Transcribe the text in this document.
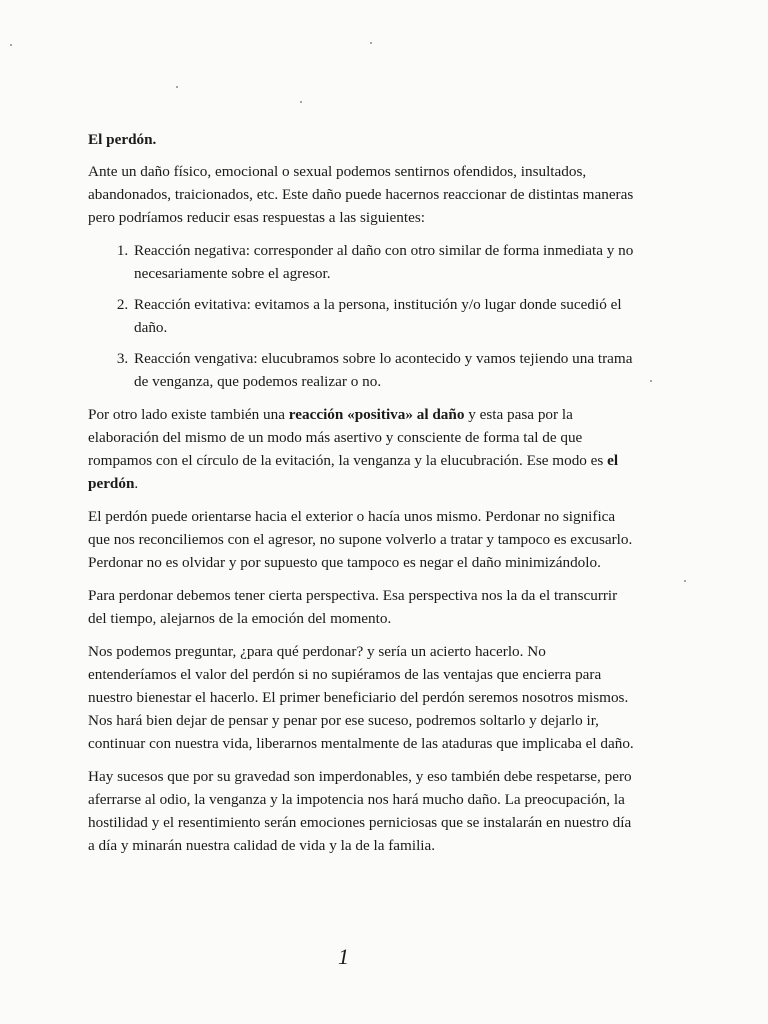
El perdón.

Ante un daño físico, emocional o sexual podemos sentirnos ofendidos, insultados, abandonados, traicionados, etc. Este daño puede hacernos reaccionar de distintas maneras pero podríamos reducir esas respuestas a las siguientes:

1. Reacción negativa: corresponder al daño con otro similar de forma inmediata y no necesariamente sobre el agresor.
2. Reacción evitativa: evitamos a la persona, institución y/o lugar donde sucedió el daño.
3. Reacción vengativa: elucubramos sobre lo acontecido y vamos tejiendo una trama de venganza, que podemos realizar o no.

Por otro lado existe también una reacción «positiva» al daño y esta pasa por la elaboración del mismo de un modo más asertivo y consciente de forma tal de que rompamos con el círculo de la evitación, la venganza y la elucubración. Ese modo es el perdón.

El perdón puede orientarse hacia el exterior o hacía unos mismo. Perdonar no significa que nos reconciliemos con el agresor, no supone volverlo a tratar y tampoco es excusarlo. Perdonar no es olvidar y por supuesto que tampoco es negar el daño minimizándolo.

Para perdonar debemos tener cierta perspectiva. Esa perspectiva nos la da el transcurrir del tiempo, alejarnos de la emoción del momento.

Nos podemos preguntar, ¿para qué perdonar? y sería un acierto hacerlo. No entenderíamos el valor del perdón si no supiéramos de las ventajas que encierra para nuestro bienestar el hacerlo. El primer beneficiario del perdón seremos nosotros mismos. Nos hará bien dejar de pensar y penar por ese suceso, podremos soltarlo y dejarlo ir, continuar con nuestra vida, liberarnos mentalmente de las ataduras que implicaba el daño.

Hay sucesos que por su gravedad son imperdonables, y eso también debe respetarse, pero aferrarse al odio, la venganza y la impotencia nos hará mucho daño. La preocupación, la hostilidad y el resentimiento serán emociones perniciosas que se instalarán en nuestro día a día y minarán nuestra calidad de vida y la de la familia.

1
